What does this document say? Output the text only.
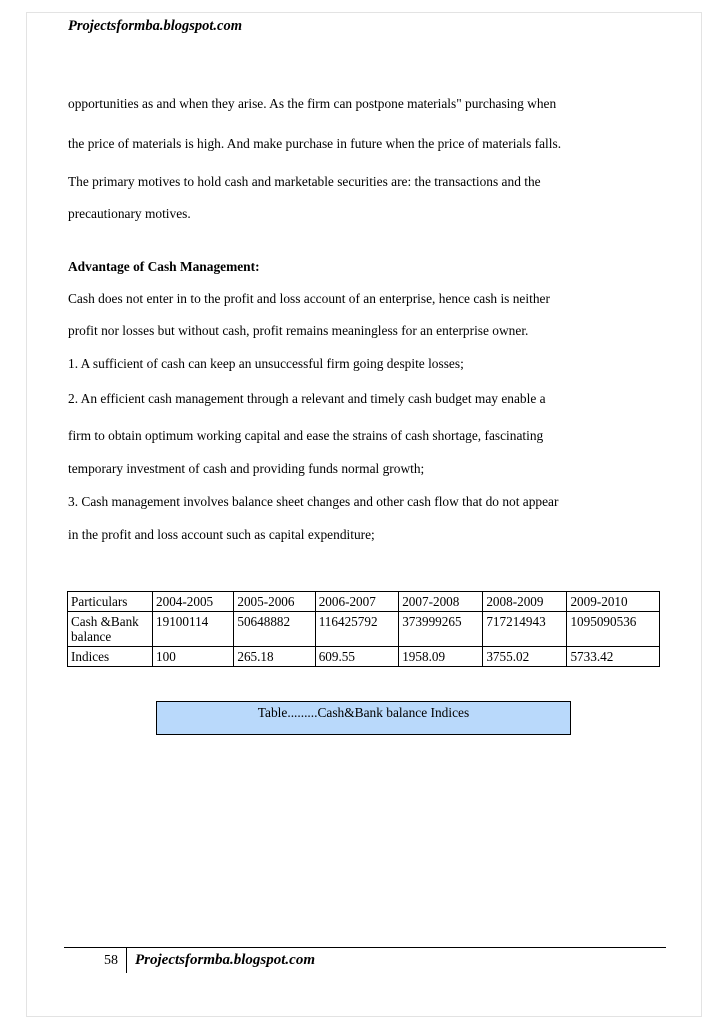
Projectsformba.blogspot.com
opportunities as and when they arise. As the firm can postpone materials" purchasing when
the price of materials is high. And make purchase in future when the price of materials falls.
The primary motives to hold cash and marketable securities are: the transactions and the
precautionary motives.
Advantage of Cash Management:
Cash does not enter in to the profit and loss account of an enterprise, hence cash is neither
profit nor losses but without cash, profit remains meaningless for an enterprise owner.
1. A sufficient of cash can keep an unsuccessful firm going despite losses;
2. An efficient cash management through a relevant and timely cash budget may enable a
firm to obtain optimum working capital and ease the strains of cash shortage, fascinating
temporary investment of cash and providing funds normal growth;
3. Cash management involves balance sheet changes and other cash flow that do not appear
in the profit and loss account such as capital expenditure;
Particulars	2004-2005	2005-2006	2006-2007	2007-2008	2008-2009	2009-2010
Cash &Bank balance	19100114	50648882	116425792	373999265	717214943	1095090536
Indices	100	265.18	609.55	1958.09	3755.02	5733.42
Table.........Cash&Bank balance Indices
58 Projectsformba.blogspot.com
